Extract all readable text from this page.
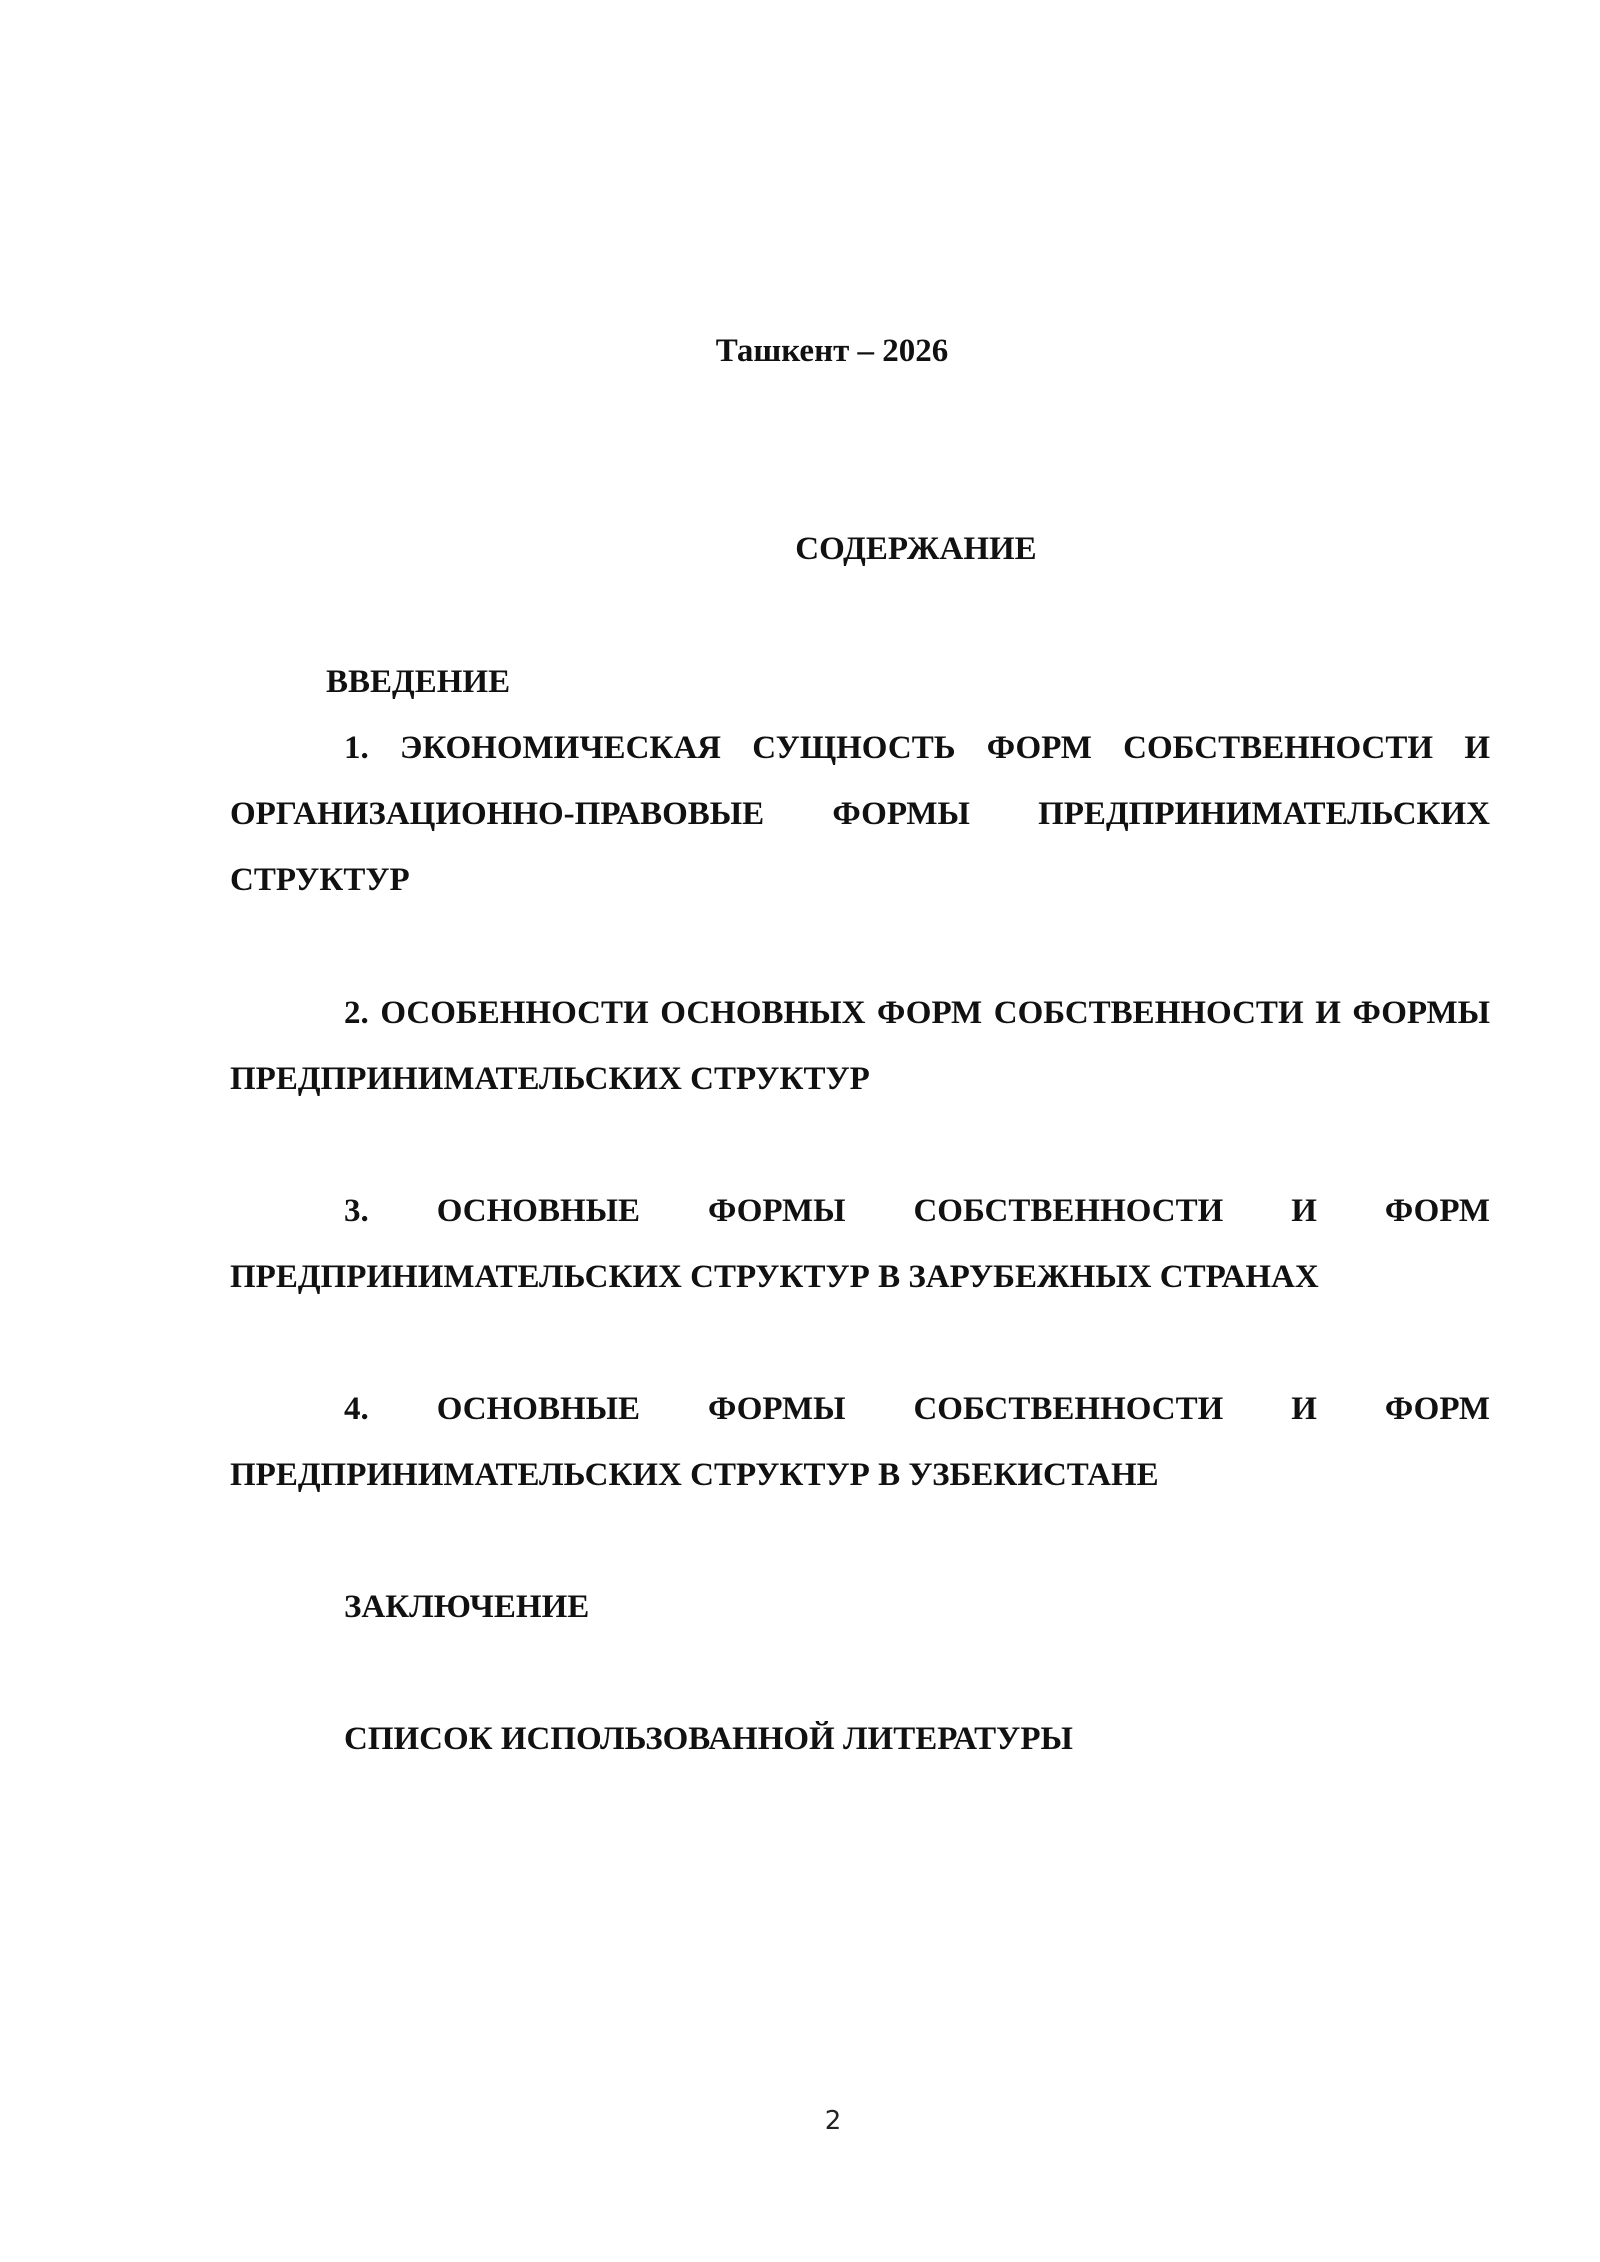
Ташкент – 2026

СОДЕРЖАНИЕ

ВВЕДЕНИЕ

1. ЭКОНОМИЧЕСКАЯ СУЩНОСТЬ ФОРМ СОБСТВЕННОСТИ И ОРГАНИЗАЦИОННО-ПРАВОВЫЕ ФОРМЫ ПРЕДПРИНИМАТЕЛЬСКИХ СТРУКТУР

2. ОСОБЕННОСТИ ОСНОВНЫХ ФОРМ СОБСТВЕННОСТИ И ФОРМЫ ПРЕДПРИНИМАТЕЛЬСКИХ СТРУКТУР

3. ОСНОВНЫЕ ФОРМЫ СОБСТВЕННОСТИ И ФОРМ ПРЕДПРИНИМАТЕЛЬСКИХ СТРУКТУР В ЗАРУБЕЖНЫХ СТРАНАХ

4. ОСНОВНЫЕ ФОРМЫ СОБСТВЕННОСТИ И ФОРМ ПРЕДПРИНИМАТЕЛЬСКИХ СТРУКТУР В УЗБЕКИСТАНЕ

ЗАКЛЮЧЕНИЕ

СПИСОК ИСПОЛЬЗОВАННОЙ ЛИТЕРАТУРЫ

2
